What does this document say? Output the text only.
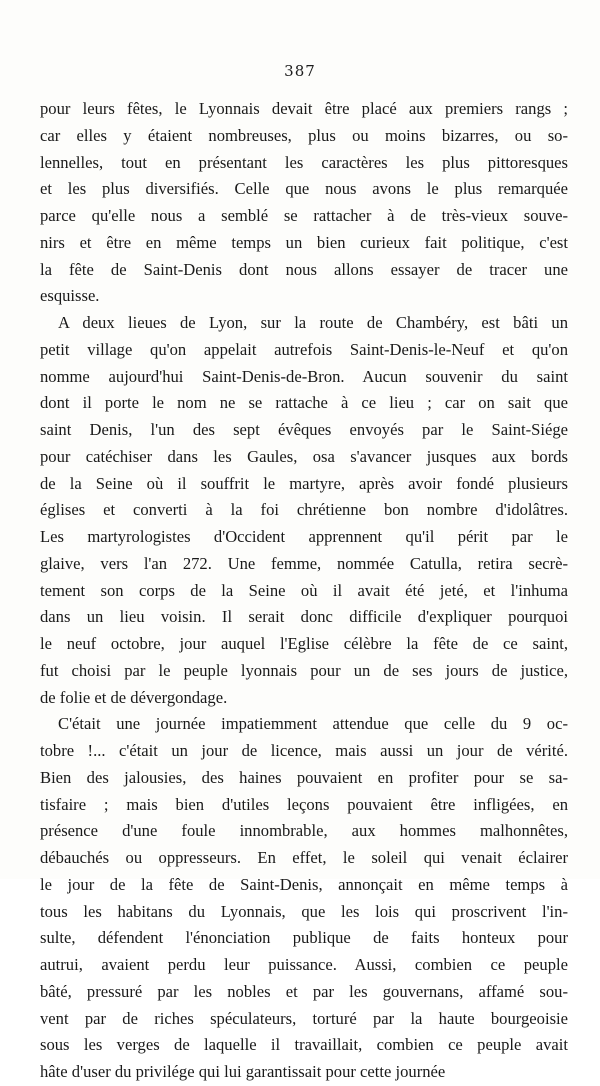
387
pour leurs fêtes, le Lyonnais devait être placé aux premiers rangs ;
car elles y étaient nombreuses, plus ou moins bizarres, ou so-
lennelles, tout en présentant les caractères les plus pittoresques
et les plus diversifiés. Celle que nous avons le plus remarquée
parce qu'elle nous a semblé se rattacher à de très-vieux souve-
nirs et être en même temps un bien curieux fait politique, c'est
la fête de Saint-Denis dont nous allons essayer de tracer une
esquisse.
A deux lieues de Lyon, sur la route de Chambéry, est bâti un
petit village qu'on appelait autrefois Saint-Denis-le-Neuf et qu'on
nomme aujourd'hui Saint-Denis-de-Bron. Aucun souvenir du saint
dont il porte le nom ne se rattache à ce lieu ; car on sait que
saint Denis, l'un des sept évêques envoyés par le Saint-Siége
pour catéchiser dans les Gaules, osa s'avancer jusques aux bords
de la Seine où il souffrit le martyre, après avoir fondé plusieurs
églises et converti à la foi chrétienne bon nombre d'idolâtres.
Les martyrologistes d'Occident apprennent qu'il périt par le
glaive, vers l'an 272. Une femme, nommée Catulla, retira secrè-
tement son corps de la Seine où il avait été jeté, et l'inhuma
dans un lieu voisin. Il serait donc difficile d'expliquer pourquoi
le neuf octobre, jour auquel l'Eglise célèbre la fête de ce saint,
fut choisi par le peuple lyonnais pour un de ses jours de justice,
de folie et de dévergondage.
C'était une journée impatiemment attendue que celle du 9 oc-
tobre !... c'était un jour de licence, mais aussi un jour de vérité.
Bien des jalousies, des haines pouvaient en profiter pour se sa-
tisfaire ; mais bien d'utiles leçons pouvaient être infligées, en
présence d'une foule innombrable, aux hommes malhonnêtes,
débauchés ou oppresseurs. En effet, le soleil qui venait éclairer
le jour de la fête de Saint-Denis, annonçait en même temps à
tous les habitans du Lyonnais, que les lois qui proscrivent l'in-
sulte, défendent l'énonciation publique de faits honteux pour
autrui, avaient perdu leur puissance. Aussi, combien ce peuple
bâté, pressuré par les nobles et par les gouvernans, affamé sou-
vent par de riches spéculateurs, torturé par la haute bourgeoisie
sous les verges de laquelle il travaillait, combien ce peuple avait
hâte d'user du privilége qui lui garantissait pour cette journée
